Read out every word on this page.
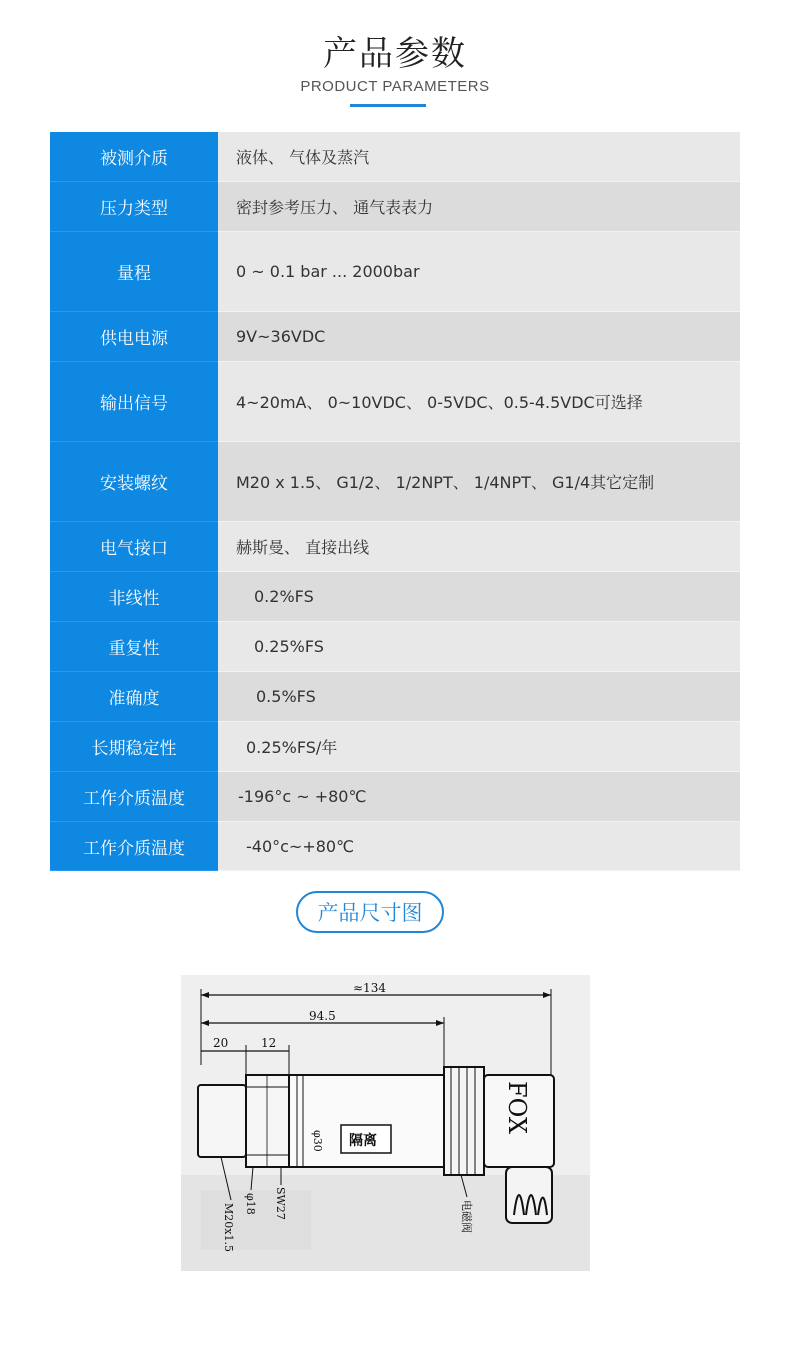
产品参数
PRODUCT PARAMETERS
被测介质	液体、 气体及蒸汽
压力类型	密封参考压力、 通气表表力
量程	0 ~ 0.1 bar ... 2000bar
供电电源	9V~36VDC
输出信号	4~20mA、 0~10VDC、 0-5VDC、0.5-4.5VDC可选择
安装螺纹	M20 x 1.5、 G1/2、 1/2NPT、 1/4NPT、 G1/4其它定制
电气接口	赫斯曼、 直接出线
非线性	0.2%FS
重复性	0.25%FS
准确度	0.5%FS
长期稳定性	0.25%FS/年
工作介质温度	-196°c ~ +80℃
工作介质温度	-40°c~+80℃
产品尺寸图
≈134
94.5
20	12
φ30 隔离
FOX
M20x1.5 φ18 SW27	电磁阀
